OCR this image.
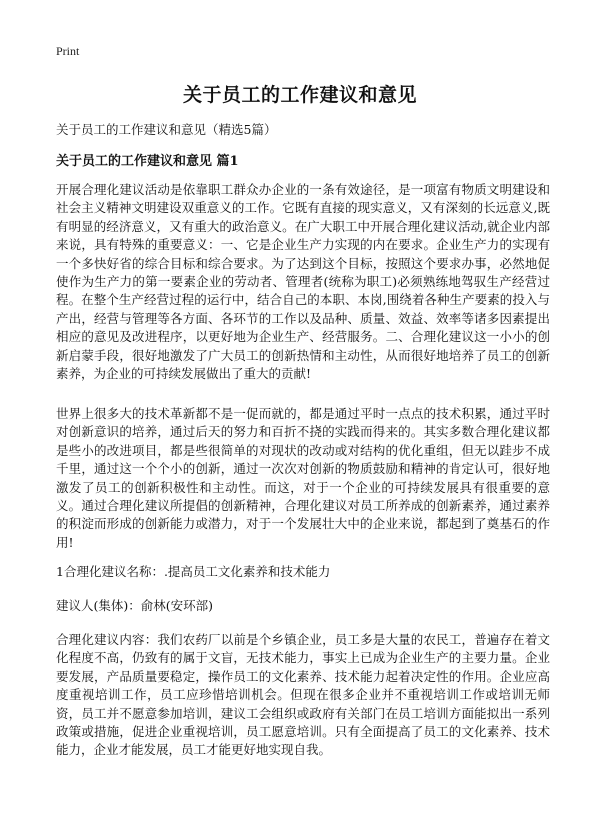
Print
关于员工的工作建议和意见
关于员工的工作建议和意见（精选5篇）
关于员工的工作建议和意见 篇1

开展合理化建议活动是依靠职工群众办企业的一条有效途径，是一项富有物质文明建设和社会主义精神文明建设双重意义的工作。它既有直接的现实意义，又有深刻的长远意义,既有明显的经济意义，又有重大的政治意义。在广大职工中开展合理化建议活动,就企业内部来说，具有特殊的重要意义：一、它是企业生产力实现的内在要求。企业生产力的实现有一个多快好省的综合目标和综合要求。为了达到这个目标，按照这个要求办事，必然地促使作为生产力的第一要素企业的劳动者、管理者(统称为职工)必须熟练地驾驭生产经营过程。在整个生产经营过程的运行中，结合自己的本职、本岗,围绕着各种生产要素的投入与产出，经营与管理等各方面、各环节的工作以及品种、质量、效益、效率等诸多因素提出相应的意见及改进程序，以更好地为企业生产、经营服务。二、合理化建议这一小小的创新启蒙手段，很好地激发了广大员工的创新热情和主动性，从而很好地培养了员工的创新素养，为企业的可持续发展做出了重大的贡献!

世界上很多大的技术革新都不是一促而就的，都是通过平时一点点的技术积累，通过平时对创新意识的培养，通过后天的努力和百折不挠的实践而得来的。其实多数合理化建议都是些小的改进项目，都是些很简单的对现状的改动或对结构的优化重组，但无以跬步不成千里，通过这一个个小的创新，通过一次次对创新的物质鼓励和精神的肯定认可，很好地激发了员工的创新积极性和主动性。而这，对于一个企业的可持续发展具有很重要的意义。通过合理化建议所提倡的创新精神，合理化建议对员工所养成的创新素养，通过素养的积淀而形成的创新能力或潜力，对于一个发展壮大中的企业来说，都起到了奠基石的作用!

1合理化建议名称：.提高员工文化素养和技术能力

建议人(集体)：俞林(安环部)

合理化建议内容：我们农药厂以前是个乡镇企业，员工多是大量的农民工，普遍存在着文化程度不高，仍致有的属于文盲，无技术能力，事实上已成为企业生产的主要力量。企业要发展，产品质量要稳定，操作员工的文化素养、技术能力起着决定性的作用。企业应高度重视培训工作，员工应珍惜培训机会。但现在很多企业并不重视培训工作或培训无师资，员工并不愿意参加培训，建议工会组织或政府有关部门在员工培训方面能拟出一系列政策或措施，促进企业重视培训，员工愿意培训。只有全面提高了员工的文化素养、技术能力，企业才能发展，员工才能更好地实现自我。
